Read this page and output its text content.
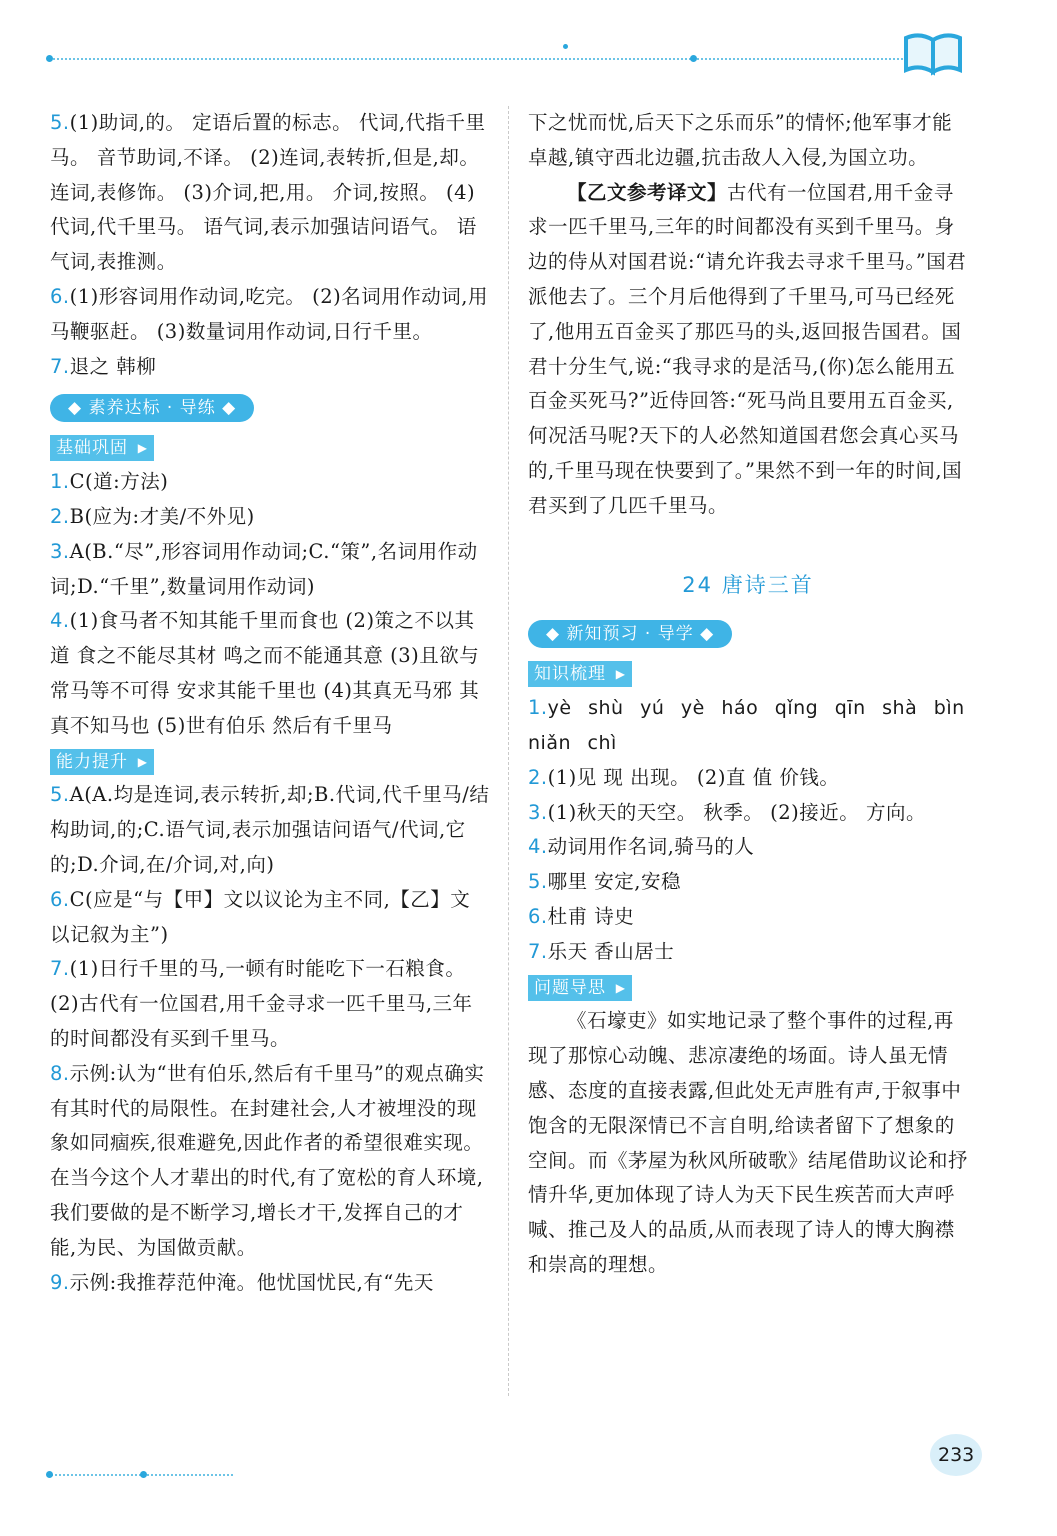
5.(1)助词,的。 定语后置的标志。 代词,代指千里马。 音节助词,不译。 (2)连词,表转折,但是,却。 连词,表修饰。 (3)介词,把,用。 介词,按照。 (4)代词,代千里马。 语气词,表示加强诘问语气。 语气词,表推测。

6.(1)形容词用作动词,吃完。 (2)名词用作动词,用马鞭驱赶。 (3)数量词用作动词,日行千里。

7.退之 韩柳

◆ 素养达标 · 导练 ◆
基础巩固 ▶

1.C(道:方法)

2.B(应为:才美/不外见)

3.A(B.“尽”,形容词用作动词;C.“策”,名词用作动词;D.“千里”,数量词用作动词)

4.(1)食马者不知其能千里而食也 (2)策之不以其道 食之不能尽其材 鸣之而不能通其意 (3)且欲与常马等不可得 安求其能千里也 (4)其真无马邪 其真不知马也 (5)世有伯乐 然后有千里马

能力提升 ▶

5.A(A.均是连词,表示转折,却;B.代词,代千里马/结构助词,的;C.语气词,表示加强诘问语气/代词,它的;D.介词,在/介词,对,向)

6.C(应是“与【甲】文以议论为主不同,【乙】文以记叙为主”)

7.(1)日行千里的马,一顿有时能吃下一石粮食。 (2)古代有一位国君,用千金寻求一匹千里马,三年的时间都没有买到千里马。

8.示例:认为“世有伯乐,然后有千里马”的观点确实有其时代的局限性。在封建社会,人才被埋没的现象如同痼疾,很难避免,因此作者的希望很难实现。在当今这个人才辈出的时代,有了宽松的育人环境,我们要做的是不断学习,增长才干,发挥自己的才能,为民、为国做贡献。

9.示例:我推荐范仲淹。他忧国忧民,有“先天

下之忧而忧,后天下之乐而乐”的情怀;他军事才能卓越,镇守西北边疆,抗击敌人入侵,为国立功。

【乙文参考译文】古代有一位国君,用千金寻求一匹千里马,三年的时间都没有买到千里马。身边的侍从对国君说:“请允许我去寻求千里马。”国君派他去了。三个月后他得到了千里马,可马已经死了,他用五百金买了那匹马的头,返回报告国君。国君十分生气,说:“我寻求的是活马,(你)怎么能用五百金买死马?”近侍回答:“死马尚且要用五百金买,何况活马呢?天下的人必然知道国君您会真心买马的,千里马现在快要到了。”果然不到一年的时间,国君买到了几匹千里马。

24 唐诗三首
◆ 新知预习 · 导学 ◆
知识梳理 ▶

1.yè shù yú yè háo qǐng qīn shà bìn niǎn chì

2.(1)见 现 出现。 (2)直 值 价钱。

3.(1)秋天的天空。 秋季。 (2)接近。 方向。

4.动词用作名词,骑马的人

5.哪里 安定,安稳

6.杜甫 诗史

7.乐天 香山居士

问题导思 ▶

《石壕吏》如实地记录了整个事件的过程,再现了那惊心动魄、悲凉凄绝的场面。诗人虽无情感、态度的直接表露,但此处无声胜有声,于叙事中饱含的无限深情已不言自明,给读者留下了想象的空间。而《茅屋为秋风所破歌》结尾借助议论和抒情升华,更加体现了诗人为天下民生疾苦而大声呼喊、推己及人的品质,从而表现了诗人的博大胸襟和崇高的理想。

233
